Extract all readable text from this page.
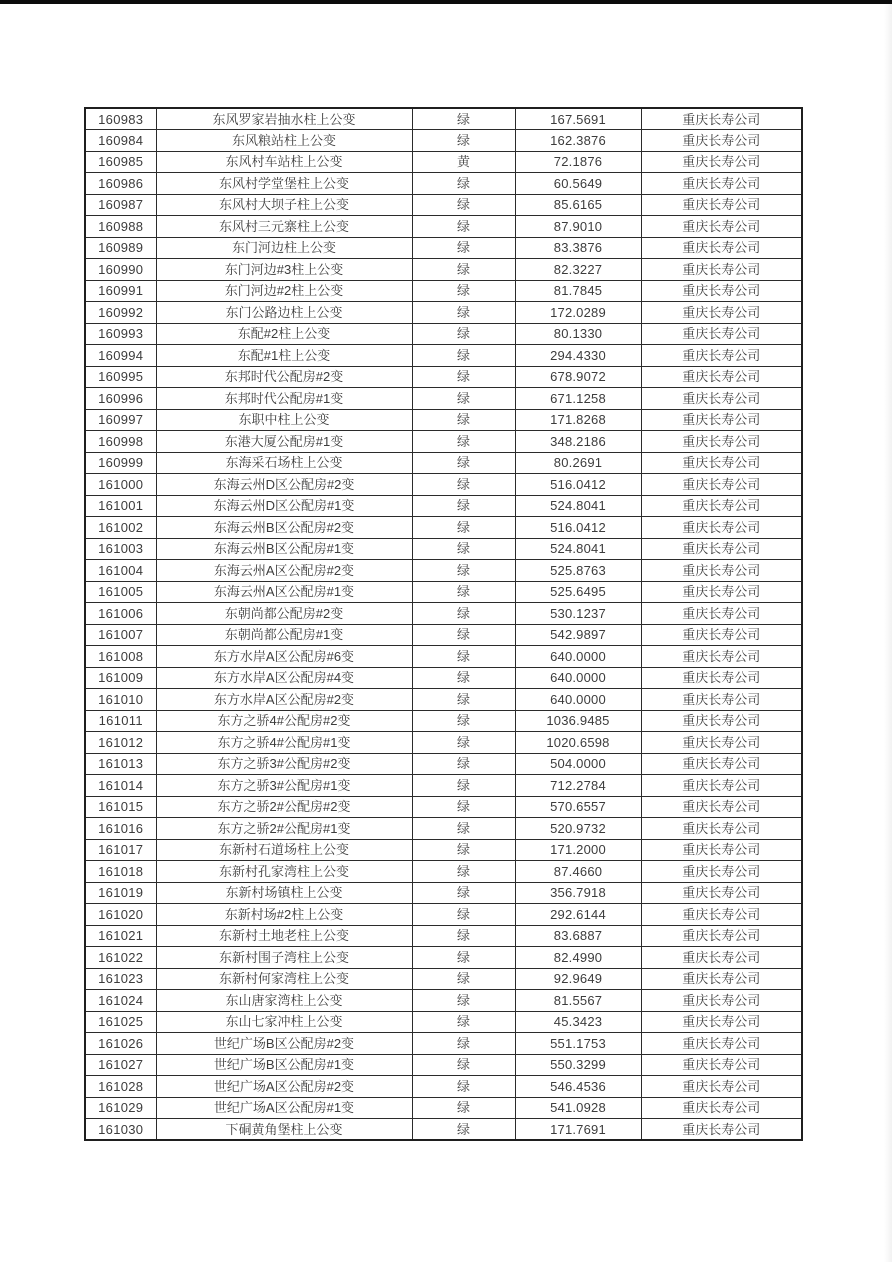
160983	东风罗家岩抽水柱上公变	绿	167.5691	重庆长寿公司
160984	东风粮站柱上公变	绿	162.3876	重庆长寿公司
160985	东风村车站柱上公变	黄	72.1876	重庆长寿公司
160986	东风村学堂堡柱上公变	绿	60.5649	重庆长寿公司
160987	东风村大坝子柱上公变	绿	85.6165	重庆长寿公司
160988	东风村三元寨柱上公变	绿	87.9010	重庆长寿公司
160989	东门河边柱上公变	绿	83.3876	重庆长寿公司
160990	东门河边#3柱上公变	绿	82.3227	重庆长寿公司
160991	东门河边#2柱上公变	绿	81.7845	重庆长寿公司
160992	东门公路边柱上公变	绿	172.0289	重庆长寿公司
160993	东配#2柱上公变	绿	80.1330	重庆长寿公司
160994	东配#1柱上公变	绿	294.4330	重庆长寿公司
160995	东邦时代公配房#2变	绿	678.9072	重庆长寿公司
160996	东邦时代公配房#1变	绿	671.1258	重庆长寿公司
160997	东职中柱上公变	绿	171.8268	重庆长寿公司
160998	东港大厦公配房#1变	绿	348.2186	重庆长寿公司
160999	东海采石场柱上公变	绿	80.2691	重庆长寿公司
161000	东海云州D区公配房#2变	绿	516.0412	重庆长寿公司
161001	东海云州D区公配房#1变	绿	524.8041	重庆长寿公司
161002	东海云州B区公配房#2变	绿	516.0412	重庆长寿公司
161003	东海云州B区公配房#1变	绿	524.8041	重庆长寿公司
161004	东海云州A区公配房#2变	绿	525.8763	重庆长寿公司
161005	东海云州A区公配房#1变	绿	525.6495	重庆长寿公司
161006	东朝尚都公配房#2变	绿	530.1237	重庆长寿公司
161007	东朝尚都公配房#1变	绿	542.9897	重庆长寿公司
161008	东方水岸A区公配房#6变	绿	640.0000	重庆长寿公司
161009	东方水岸A区公配房#4变	绿	640.0000	重庆长寿公司
161010	东方水岸A区公配房#2变	绿	640.0000	重庆长寿公司
161011	东方之骄4#公配房#2变	绿	1036.9485	重庆长寿公司
161012	东方之骄4#公配房#1变	绿	1020.6598	重庆长寿公司
161013	东方之骄3#公配房#2变	绿	504.0000	重庆长寿公司
161014	东方之骄3#公配房#1变	绿	712.2784	重庆长寿公司
161015	东方之骄2#公配房#2变	绿	570.6557	重庆长寿公司
161016	东方之骄2#公配房#1变	绿	520.9732	重庆长寿公司
161017	东新村石道场柱上公变	绿	171.2000	重庆长寿公司
161018	东新村孔家湾柱上公变	绿	87.4660	重庆长寿公司
161019	东新村场镇柱上公变	绿	356.7918	重庆长寿公司
161020	东新村场#2柱上公变	绿	292.6144	重庆长寿公司
161021	东新村土地老柱上公变	绿	83.6887	重庆长寿公司
161022	东新村围子湾柱上公变	绿	82.4990	重庆长寿公司
161023	东新村何家湾柱上公变	绿	92.9649	重庆长寿公司
161024	东山唐家湾柱上公变	绿	81.5567	重庆长寿公司
161025	东山七家冲柱上公变	绿	45.3423	重庆长寿公司
161026	世纪广场B区公配房#2变	绿	551.1753	重庆长寿公司
161027	世纪广场B区公配房#1变	绿	550.3299	重庆长寿公司
161028	世纪广场A区公配房#2变	绿	546.4536	重庆长寿公司
161029	世纪广场A区公配房#1变	绿	541.0928	重庆长寿公司
161030	下硐黄角堡柱上公变	绿	171.7691	重庆长寿公司
